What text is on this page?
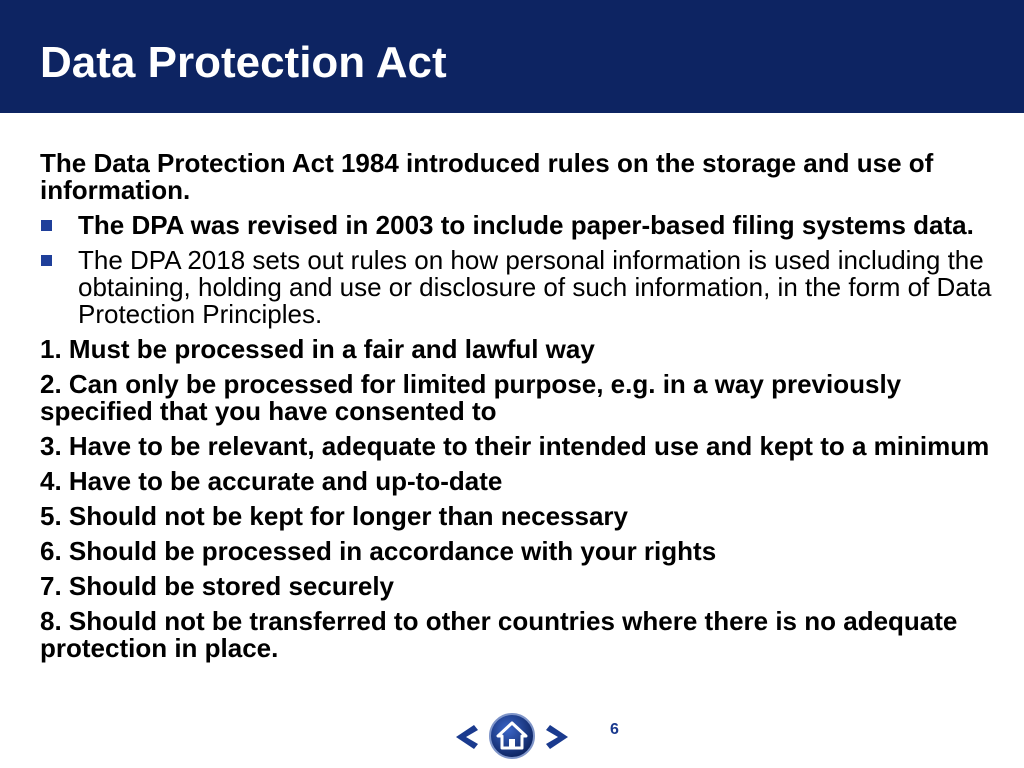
Data Protection Act

The Data Protection Act 1984 introduced rules on the storage and use of information.

The DPA was revised in 2003 to include paper-based filing systems data.
The DPA 2018 sets out rules on how personal information is used including the obtaining, holding and use or disclosure of such information, in the form of Data Protection Principles.

1. Must be processed in a fair and lawful way

2. Can only be processed for limited purpose, e.g. in a way previously specified that you have consented to

3. Have to be relevant, adequate to their intended use and kept to a minimum

4. Have to be accurate and up-to-date

5. Should not be kept for longer than necessary

6. Should be processed in accordance with your rights

7. Should be stored securely

8. Should not be transferred to other countries where there is no adequate protection in place.

6
